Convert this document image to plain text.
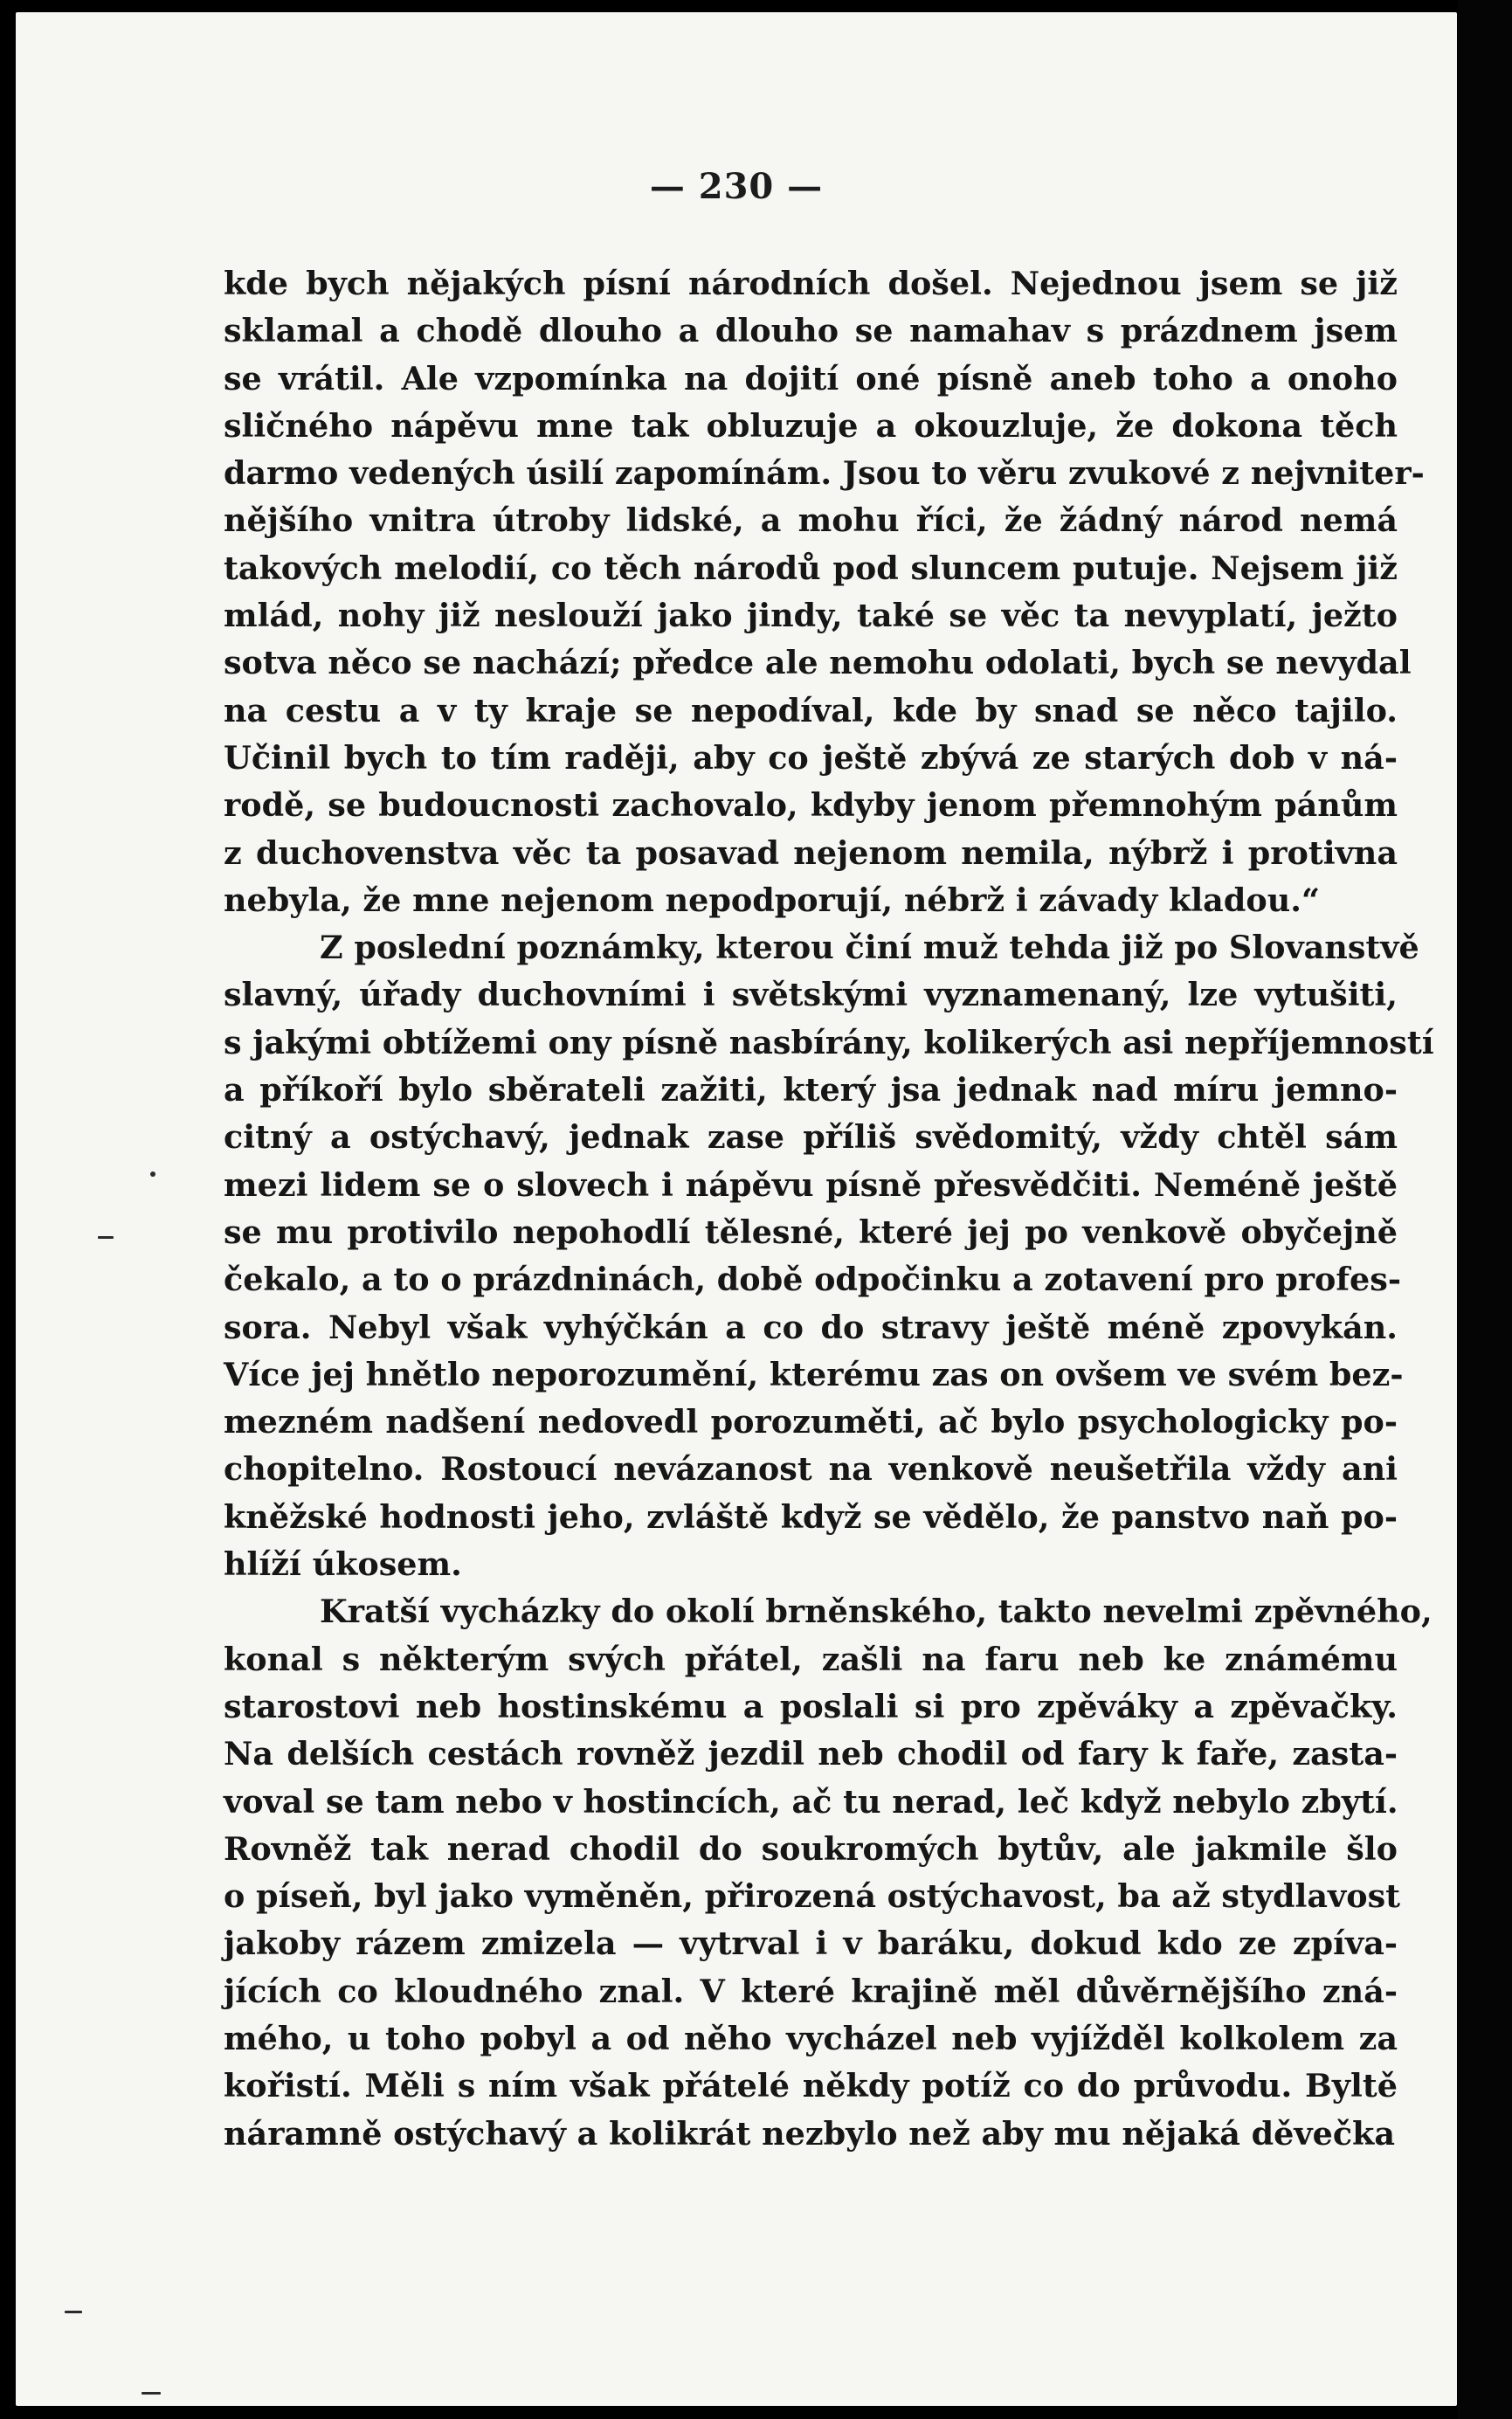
— 230 —
kde bych nějakých písní národních došel. Nejednou jsem se již
sklamal a chodě dlouho a dlouho se namahav s prázdnem jsem
se vrátil. Ale vzpomínka na dojití oné písně aneb toho a onoho
sličného nápěvu mne tak obluzuje a okouzluje, že dokona těch
darmo vedených úsilí zapomínám. Jsou to věru zvukové z nejvniter-
nějšího vnitra útroby lidské, a mohu říci, že žádný národ nemá
takových melodií, co těch národů pod sluncem putuje. Nejsem již
mlád, nohy již neslouží jako jindy, také se věc ta nevyplatí, ježto
sotva něco se nachází; předce ale nemohu odolati, bych se nevydal
na cestu a v ty kraje se nepodíval, kde by snad se něco tajilo.
Učinil bych to tím raději, aby co ještě zbývá ze starých dob v ná-
rodě, se budoucnosti zachovalo, kdyby jenom přemnohým pánům
z duchovenstva věc ta posavad nejenom nemila, nýbrž i protivna
nebyla, že mne nejenom nepodporují, nébrž i závady kladou.“
Z poslední poznámky, kterou činí muž tehda již po Slovanstvě
slavný, úřady duchovními i světskými vyznamenaný, lze vytušiti,
s jakými obtížemi ony písně nasbírány, kolikerých asi nepříjemností
a příkoří bylo sběrateli zažiti, který jsa jednak nad míru jemno-
citný a ostýchavý, jednak zase příliš svědomitý, vždy chtěl sám
mezi lidem se o slovech i nápěvu písně přesvědčiti. Neméně ještě
se mu protivilo nepohodlí tělesné, které jej po venkově obyčejně
čekalo, a to o prázdninách, době odpočinku a zotavení pro profes-
sora. Nebyl však vyhýčkán a co do stravy ještě méně zpovykán.
Více jej hnětlo neporozumění, kterému zas on ovšem ve svém bez-
mezném nadšení nedovedl porozuměti, ač bylo psychologicky po-
chopitelno. Rostoucí nevázanost na venkově neušetřila vždy ani
kněžské hodnosti jeho, zvláště když se vědělo, že panstvo naň po-
hlíží úkosem.
Kratší vycházky do okolí brněnského, takto nevelmi zpěvného,
konal s některým svých přátel, zašli na faru neb ke známému
starostovi neb hostinskému a poslali si pro zpěváky a zpěvačky.
Na delších cestách rovněž jezdil neb chodil od fary k faře, zasta-
voval se tam nebo v hostincích, ač tu nerad, leč když nebylo zbytí.
Rovněž tak nerad chodil do soukromých bytův, ale jakmile šlo
o píseň, byl jako vyměněn, přirozená ostýchavost, ba až stydlavost
jakoby rázem zmizela — vytrval i v baráku, dokud kdo ze zpíva-
jících co kloudného znal. V které krajině měl důvěrnějšího zná-
mého, u toho pobyl a od něho vycházel neb vyjížděl kolkolem za
kořistí. Měli s ním však přátelé někdy potíž co do průvodu. Byltě
náramně ostýchavý a kolikrát nezbylo než aby mu nějaká děvečka
